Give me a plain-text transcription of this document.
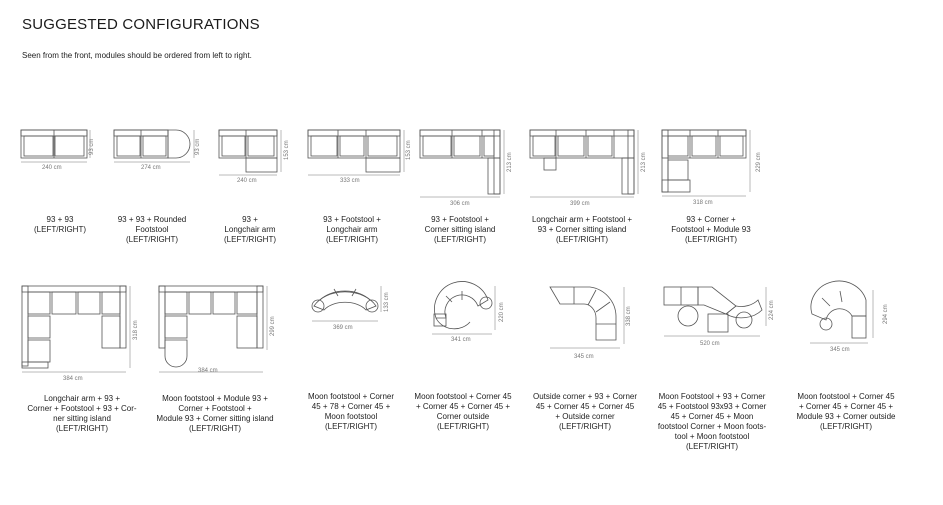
SUGGESTED CONFIGURATIONS
Seen from the front, modules should be ordered from left to right.
240 cm
93 cm
93 + 93
(LEFT/RIGHT)
274 cm
93 cm
93 + 93 + Rounded
Footstool
(LEFT/RIGHT)
240 cm
153 cm
93 +
Longchair arm
(LEFT/RIGHT)
333 cm
153 cm
93 + Footstool +
Longchair arm
(LEFT/RIGHT)
306 cm
213 cm
93 + Footstool +
Corner sitting island
(LEFT/RIGHT)
399 cm
213 cm
Longchair arm + Footstool +
93 + Corner sitting island
(LEFT/RIGHT)
318 cm
229 cm
93 + Corner +
Footstool + Module 93
(LEFT/RIGHT)
384 cm
318 cm
Longchair arm + 93 +
Corner + Footstool + 93 + Cor-
ner sitting island
(LEFT/RIGHT)
384 cm
299 cm
Moon footstool + Module 93 +
Corner + Footstool +
Module 93 + Corner sitting island
(LEFT/RIGHT)
369 cm
133 cm
Moon footstool + Corner
45 + 78 + Corner 45 +
Moon footstool
(LEFT/RIGHT)
341 cm
220 cm
Moon footstool + Corner 45
+ Corner 45 + Corner 45 +
Corner outside
(LEFT/RIGHT)
345 cm
338 cm
Outside corner + 93 + Corner
45 + Corner 45 + Corner 45
+ Outside corner
(LEFT/RIGHT)
520 cm
224 cm
Moon Footstool + 93 + Corner
45 + Footstool 93x93 + Corner
45 + Corner 45 + Moon
footstool Corner + Moon foots-
tool + Moon footstool
(LEFT/RIGHT)
345 cm
294 cm
Moon footstool + Corner 45
+ Corner 45 + Corner 45 +
Module 93 + Corner outside
(LEFT/RIGHT)
